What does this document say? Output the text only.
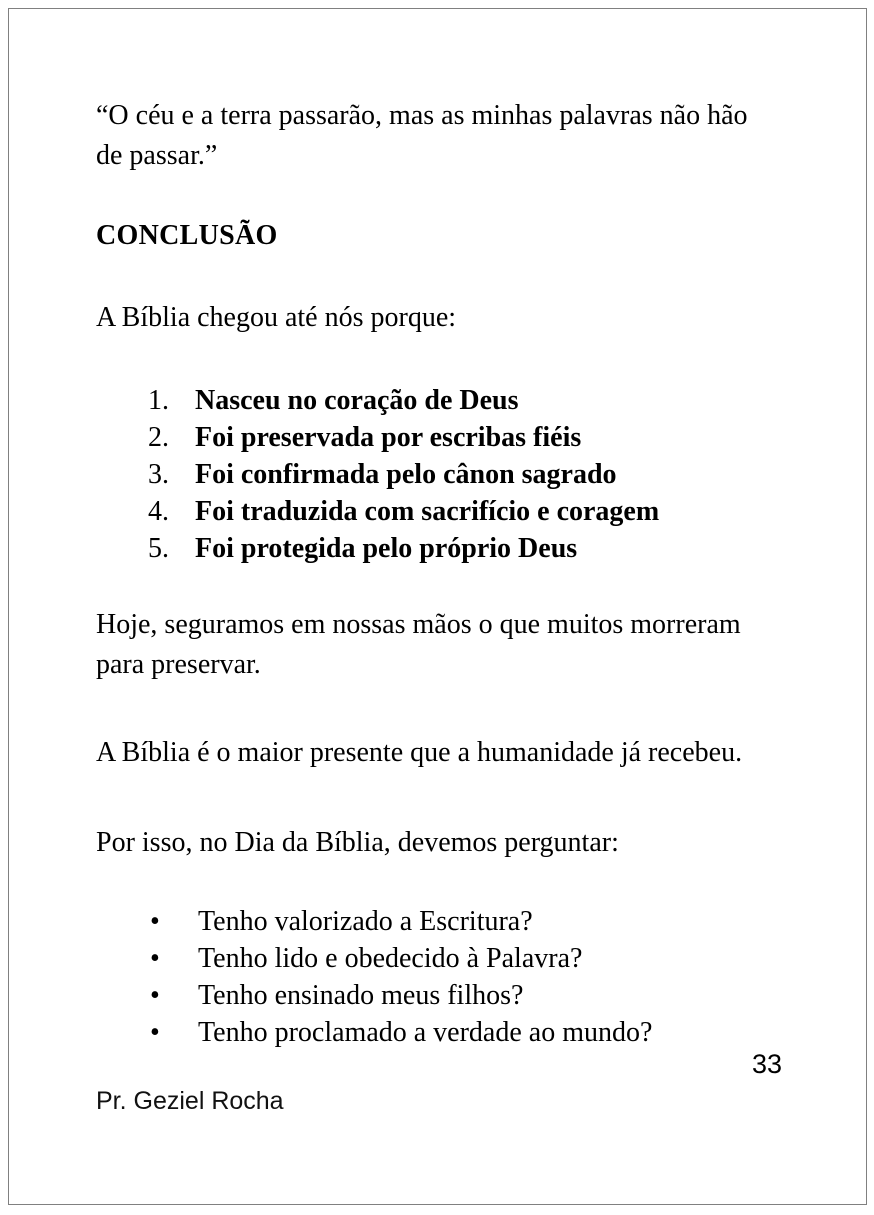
“O céu e a terra passarão, mas as minhas palavras não hão de passar.”

CONCLUSÃO

A Bíblia chegou até nós porque:

1. Nasceu no coração de Deus
2. Foi preservada por escribas fiéis
3. Foi confirmada pelo cânon sagrado
4. Foi traduzida com sacrifício e coragem
5. Foi protegida pelo próprio Deus

Hoje, seguramos em nossas mãos o que muitos morreram para preservar.

A Bíblia é o maior presente que a humanidade já recebeu.

Por isso, no Dia da Bíblia, devemos perguntar:

• Tenho valorizado a Escritura?
• Tenho lido e obedecido à Palavra?
• Tenho ensinado meus filhos?
• Tenho proclamado a verdade ao mundo?
33
Pr. Geziel Rocha
